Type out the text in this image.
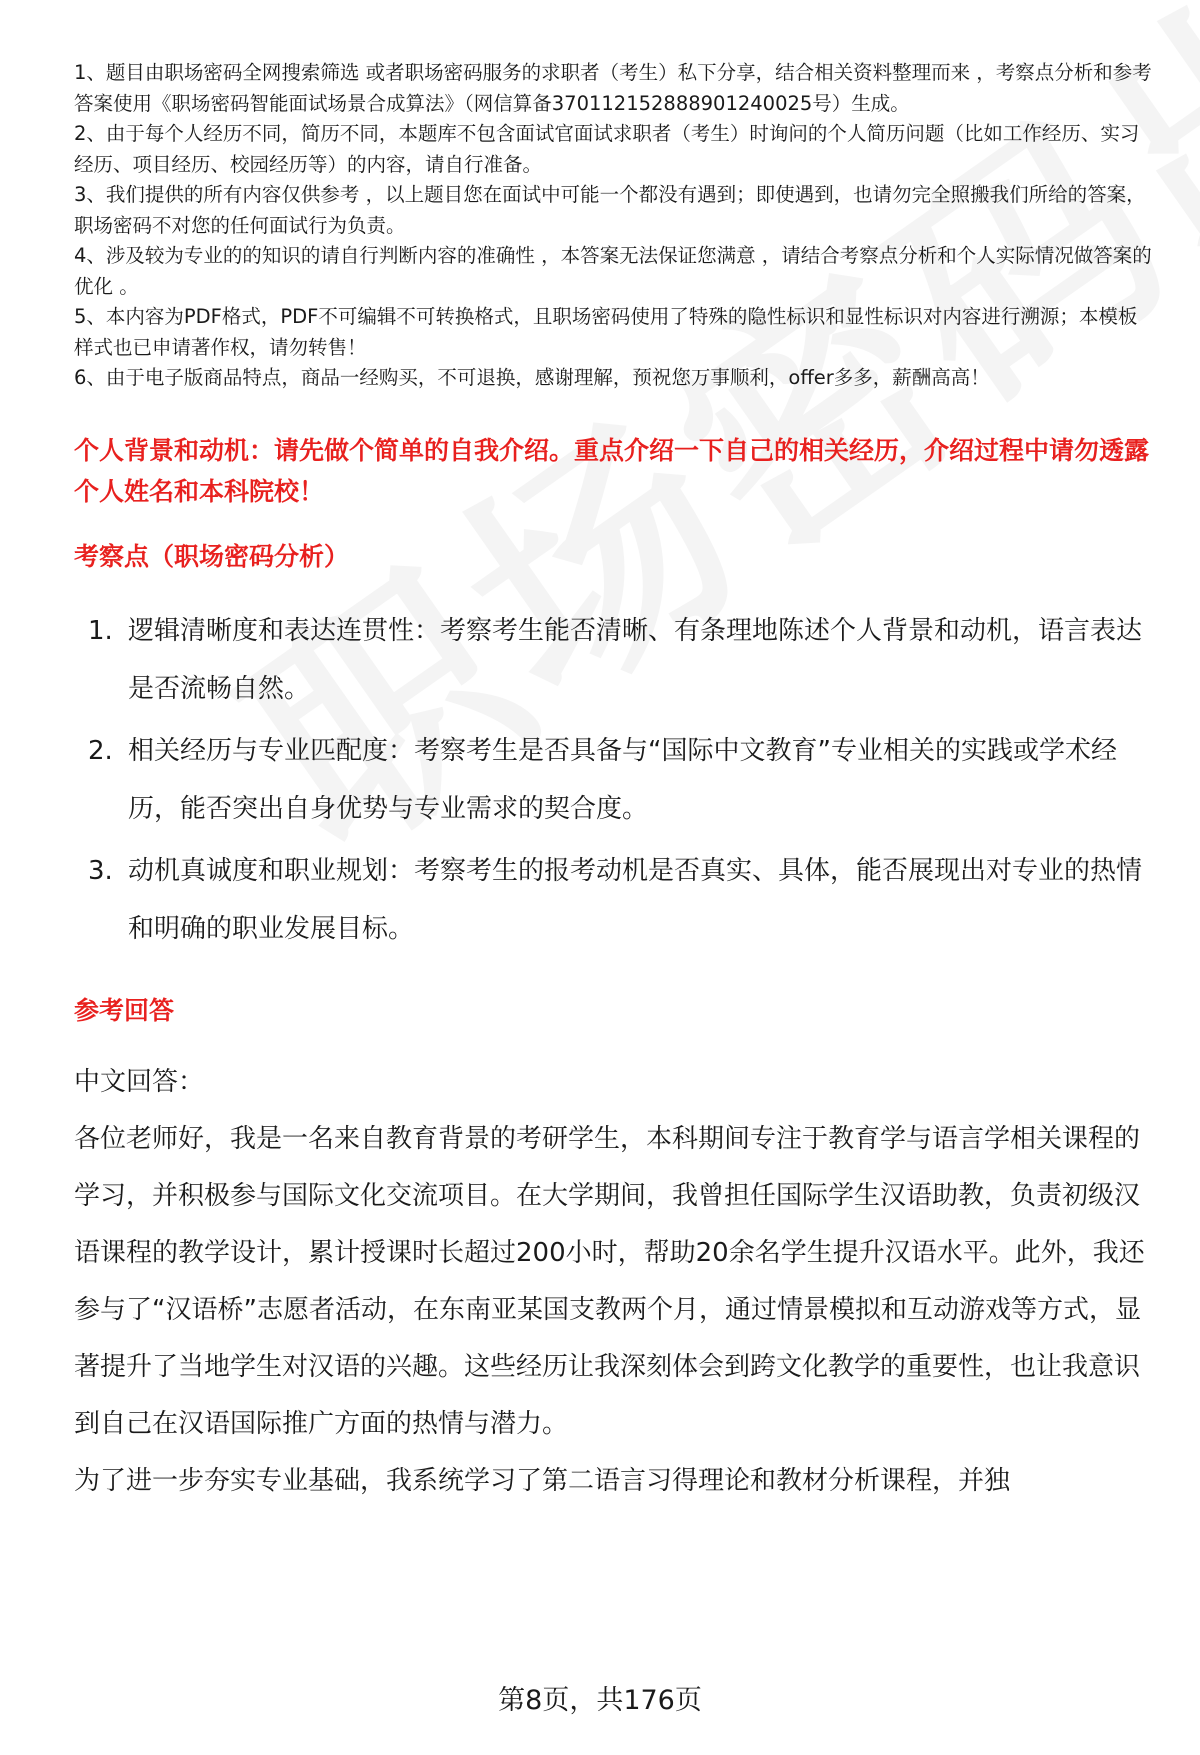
1、题目由职场密码全网搜索筛选 或者职场密码服务的求职者（考生）私下分享，结合相关资料整理而来 ，考察点分析和参考答案使用《职场密码智能面试场景合成算法》（网信算备370112152888901240025号）生成。

2、由于每个人经历不同，简历不同，本题库不包含面试官面试求职者（考生）时询问的个人简历问题（比如工作经历、实习经历、项目经历、校园经历等）的内容，请自行准备。

3、我们提供的所有内容仅供参考 ，以上题目您在面试中可能一个都没有遇到；即使遇到，也请勿完全照搬我们所给的答案，职场密码不对您的任何面试行为负责。

4、涉及较为专业的的知识的请自行判断内容的准确性 ，本答案无法保证您满意 ，请结合考察点分析和个人实际情况做答案的优化 。

5、本内容为PDF格式，PDF不可编辑不可转换格式，且职场密码使用了特殊的隐性标识和显性标识对内容进行溯源；本模板样式也已申请著作权，请勿转售！

6、由于电子版商品特点，商品一经购买，不可退换，感谢理解，预祝您万事顺利，offer多多，薪酬高高！

个人背景和动机：请先做个简单的自我介绍。重点介绍一下自己的相关经历，介绍过程中请勿透露个人姓名和本科院校！
考察点（职场密码分析）
1. 逻辑清晰度和表达连贯性：考察考生能否清晰、有条理地陈述个人背景和动机，语言表达是否流畅自然。
2. 相关经历与专业匹配度：考察考生是否具备与“国际中文教育”专业相关的实践或学术经历，能否突出自身优势与专业需求的契合度。
3. 动机真诚度和职业规划：考察考生的报考动机是否真实、具体，能否展现出对专业的热情和明确的职业发展目标。
参考回答

中文回答：

各位老师好，我是一名来自教育背景的考研学生，本科期间专注于教育学与语言学相关课程的学习，并积极参与国际文化交流项目。在大学期间，我曾担任国际学生汉语助教，负责初级汉语课程的教学设计，累计授课时长超过200小时，帮助20余名学生提升汉语水平。此外，我还参与了“汉语桥”志愿者活动，在东南亚某国支教两个月，通过情景模拟和互动游戏等方式，显著提升了当地学生对汉语的兴趣。这些经历让我深刻体会到跨文化教学的重要性，也让我意识到自己在汉语国际推广方面的热情与潜力。

为了进一步夯实专业基础，我系统学习了第二语言习得理论和教材分析课程，并独

第8页，共176页
